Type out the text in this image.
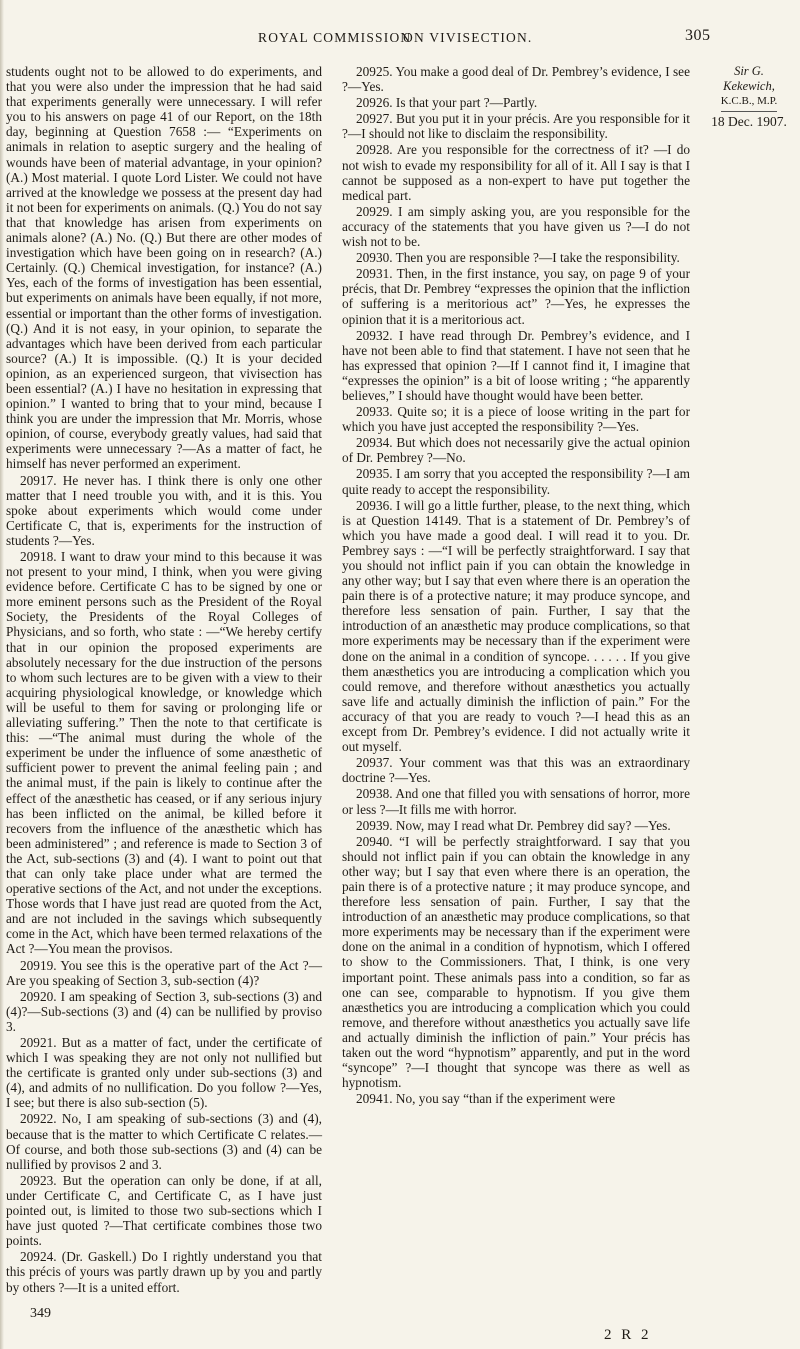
ROYAL COMMISSION
ON VIVISECTION.	305
Sir G.
Kekewich,
K.C.B., M.P.
18 Dec. 1907.

students ought not to be allowed to do experiments, and that you were also under the impression that he had said that experiments generally were unnecessary. I will refer you to his answers on page 41 of our Report, on the 18th day, beginning at Question 7658 :— “Experiments on animals in relation to aseptic surgery and the healing of wounds have been of material advantage, in your opinion? (A.) Most material. I quote Lord Lister. We could not have arrived at the knowledge we possess at the present day had it not been for experiments on animals. (Q.) You do not say that that knowledge has arisen from experiments on animals alone? (A.) No. (Q.) But there are other modes of investigation which have been going on in research? (A.) Certainly. (Q.) Chemical investigation, for instance? (A.) Yes, each of the forms of investigation has been essential, but experiments on animals have been equally, if not more, essential or important than the other forms of investigation. (Q.) And it is not easy, in your opinion, to separate the advantages which have been derived from each particular source? (A.) It is impossible. (Q.) It is your decided opinion, as an experienced surgeon, that vivisection has been essential? (A.) I have no hesitation in expressing that opinion.” I wanted to bring that to your mind, because I think you are under the impression that Mr. Morris, whose opinion, of course, everybody greatly values, had said that experiments were unnecessary ?—As a matter of fact, he himself has never performed an experiment.

20917. He never has. I think there is only one other matter that I need trouble you with, and it is this. You spoke about experiments which would come under Certificate C, that is, experiments for the instruction of students ?—Yes.

20918. I want to draw your mind to this because it was not present to your mind, I think, when you were giving evidence before. Certificate C has to be signed by one or more eminent persons such as the President of the Royal Society, the Presidents of the Royal Colleges of Physicians, and so forth, who state : —“We hereby certify that in our opinion the proposed experiments are absolutely necessary for the due instruction of the persons to whom such lectures are to be given with a view to their acquiring physiological knowledge, or knowledge which will be useful to them for saving or prolonging life or alleviating suffering.” Then the note to that certificate is this: —“The animal must during the whole of the experiment be under the influence of some anæsthetic of sufficient power to prevent the animal feeling pain ; and the animal must, if the pain is likely to continue after the effect of the anæsthetic has ceased, or if any serious injury has been inflicted on the animal, be killed before it recovers from the influence of the anæsthetic which has been administered” ; and reference is made to Section 3 of the Act, sub-sections (3) and (4). I want to point out that that can only take place under what are termed the operative sections of the Act, and not under the exceptions. Those words that I have just read are quoted from the Act, and are not included in the savings which subsequently come in the Act, which have been termed relaxations of the Act ?—You mean the provisos.

20919. You see this is the operative part of the Act ?—Are you speaking of Section 3, sub-section (4)?

20920. I am speaking of Section 3, sub-sections (3) and (4)?—Sub-sections (3) and (4) can be nullified by proviso 3.

20921. But as a matter of fact, under the certificate of which I was speaking they are not only not nullified but the certificate is granted only under sub-sections (3) and (4), and admits of no nullification. Do you follow ?—Yes, I see; but there is also sub-section (5).

20922. No, I am speaking of sub-sections (3) and (4), because that is the matter to which Certificate C relates.—Of course, and both those sub-sections (3) and (4) can be nullified by provisos 2 and 3.

20923. But the operation can only be done, if at all, under Certificate C, and Certificate C, as I have just pointed out, is limited to those two sub-sections which I have just quoted ?—That certificate combines those two points.

20924. (Dr. Gaskell.) Do I rightly understand you that this précis of yours was partly drawn up by you and partly by others ?—It is a united effort.

20925. You make a good deal of Dr. Pembrey’s evidence, I see ?—Yes.

20926. Is that your part ?—Partly.

20927. But you put it in your précis. Are you responsible for it ?—I should not like to disclaim the responsibility.

20928. Are you responsible for the correctness of it? —I do not wish to evade my responsibility for all of it. All I say is that I cannot be supposed as a non-expert to have put together the medical part.

20929. I am simply asking you, are you responsible for the accuracy of the statements that you have given us ?—I do not wish not to be.

20930. Then you are responsible ?—I take the responsibility.

20931. Then, in the first instance, you say, on page 9 of your précis, that Dr. Pembrey “expresses the opinion that the infliction of suffering is a meritorious act” ?—Yes, he expresses the opinion that it is a meritorious act.

20932. I have read through Dr. Pembrey’s evidence, and I have not been able to find that statement. I have not seen that he has expressed that opinion ?—If I cannot find it, I imagine that “expresses the opinion” is a bit of loose writing ; “he apparently believes,” I should have thought would have been better.

20933. Quite so; it is a piece of loose writing in the part for which you have just accepted the responsibility ?—Yes.

20934. But which does not necessarily give the actual opinion of Dr. Pembrey ?—No.

20935. I am sorry that you accepted the responsibility ?—I am quite ready to accept the responsibility.

20936. I will go a little further, please, to the next thing, which is at Question 14149. That is a statement of Dr. Pembrey’s of which you have made a good deal. I will read it to you. Dr. Pembrey says : —“I will be perfectly straightforward. I say that you should not inflict pain if you can obtain the knowledge in any other way; but I say that even where there is an operation the pain there is of a protective nature; it may produce syncope, and therefore less sensation of pain. Further, I say that the introduction of an anæsthetic may produce complications, so that more experiments may be necessary than if the experiment were done on the animal in a condition of syncope. . . . . . If you give them anæsthetics you are introducing a complication which you could remove, and therefore without anæsthetics you actually save life and actually diminish the infliction of pain.” For the accuracy of that you are ready to vouch ?—I head this as an except from Dr. Pembrey’s evidence. I did not actually write it out myself.

20937. Your comment was that this was an extraordinary doctrine ?—Yes.

20938. And one that filled you with sensations of horror, more or less ?—It fills me with horror.

20939. Now, may I read what Dr. Pembrey did say? —Yes.

20940. “I will be perfectly straightforward. I say that you should not inflict pain if you can obtain the knowledge in any other way; but I say that even where there is an operation, the pain there is of a protective nature ; it may produce syncope, and therefore less sensation of pain. Further, I say that the introduction of an anæsthetic may produce complications, so that more experiments may be necessary than if the experiment were done on the animal in a condition of hypnotism, which I offered to show to the Commissioners. That, I think, is one very important point. These animals pass into a condition, so far as one can see, comparable to hypnotism. If you give them anæsthetics you are introducing a complication which you could remove, and therefore without anæsthetics you actually save life and actually diminish the infliction of pain.” Your précis has taken out the word “hypnotism” apparently, and put in the word “syncope” ?—I thought that syncope was there as well as hypnotism.

20941. No, you say “than if the experiment were

349
2 R 2
